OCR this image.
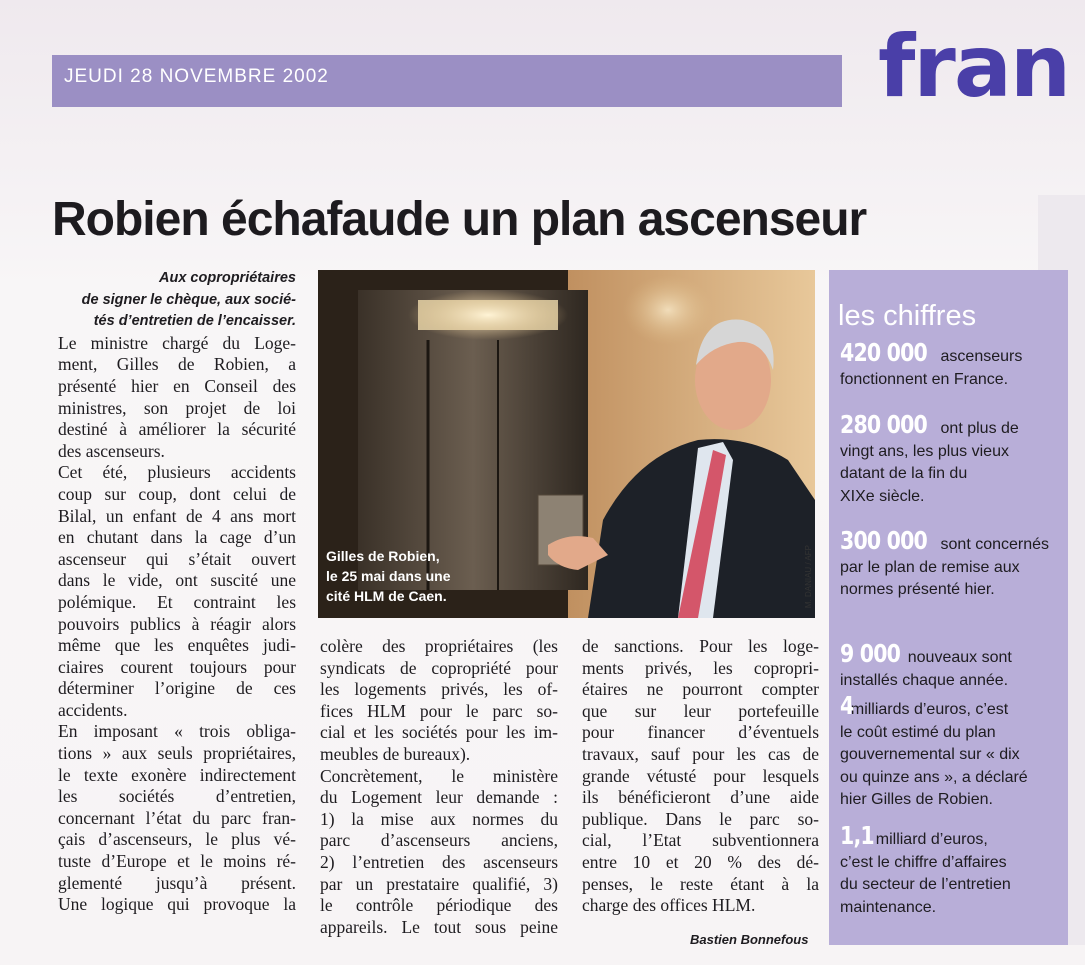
JEUDI 28 NOVEMBRE 2002	fran
Robien échafaude un plan ascenseur

Aux copropriétaires

de signer le chèque, aux socié-

tés d’entretien de l’encaisser.

Le ministre chargé du Loge-

ment, Gilles de Robien, a

présenté hier en Conseil des

ministres, son projet de loi

destiné à améliorer la sécurité

des ascenseurs.

Cet été, plusieurs accidents

coup sur coup, dont celui de

Bilal, un enfant de 4 ans mort

en chutant dans la cage d’un

ascenseur qui s’était ouvert

dans le vide, ont suscité une

polémique. Et contraint les

pouvoirs publics à réagir alors

même que les enquêtes judi-

ciaires courent toujours pour

déterminer l’origine de ces

accidents.

En imposant « trois obliga-

tions » aux seuls propriétaires,

le texte exonère indirectement

les sociétés d’entretien,

concernant l’état du parc fran-

çais d’ascenseurs, le plus vé-

tuste d’Europe et le moins ré-

glementé jusqu’à présent.

Une logique qui provoque la

Gilles de Robien,
le 25 mai dans une
cité HLM de Caen.	M. DANIAU / AFP

colère des propriétaires (les

syndicats de copropriété pour

les logements privés, les of-

fices HLM pour le parc so-

cial et les sociétés pour les im-

meubles de bureaux).

Concrètement, le ministère

du Logement leur demande :

1) la mise aux normes du

parc d’ascenseurs anciens,

2) l’entretien des ascenseurs

par un prestataire qualifié, 3)

le contrôle périodique des

appareils. Le tout sous peine

de sanctions. Pour les loge-

ments privés, les copropri-

étaires ne pourront compter

que sur leur portefeuille

pour financer d’éventuels

travaux, sauf pour les cas de

grande vétusté pour lesquels

ils bénéficieront d’une aide

publique. Dans le parc so-

cial, l’Etat subventionnera

entre 10 et 20 % des dé-

penses, le reste étant à la

charge des offices HLM.

Bastien Bonnefous
les chiffres
420 000 ascenseurs
fonctionnent en France.
280 000 ont plus de
vingt ans, les plus vieux
datant de la fin du
XIXe siècle.
300 000 sont concernés
par le plan de remise aux
normes présenté hier.
9 000 nouveaux sont
installés chaque année.
4 milliards d’euros, c’est
le coût estimé du plan
gouvernemental sur « dix
ou quinze ans », a déclaré
hier Gilles de Robien.
1,1 milliard d’euros,
c’est le chiffre d’affaires
du secteur de l’entretien
maintenance.
